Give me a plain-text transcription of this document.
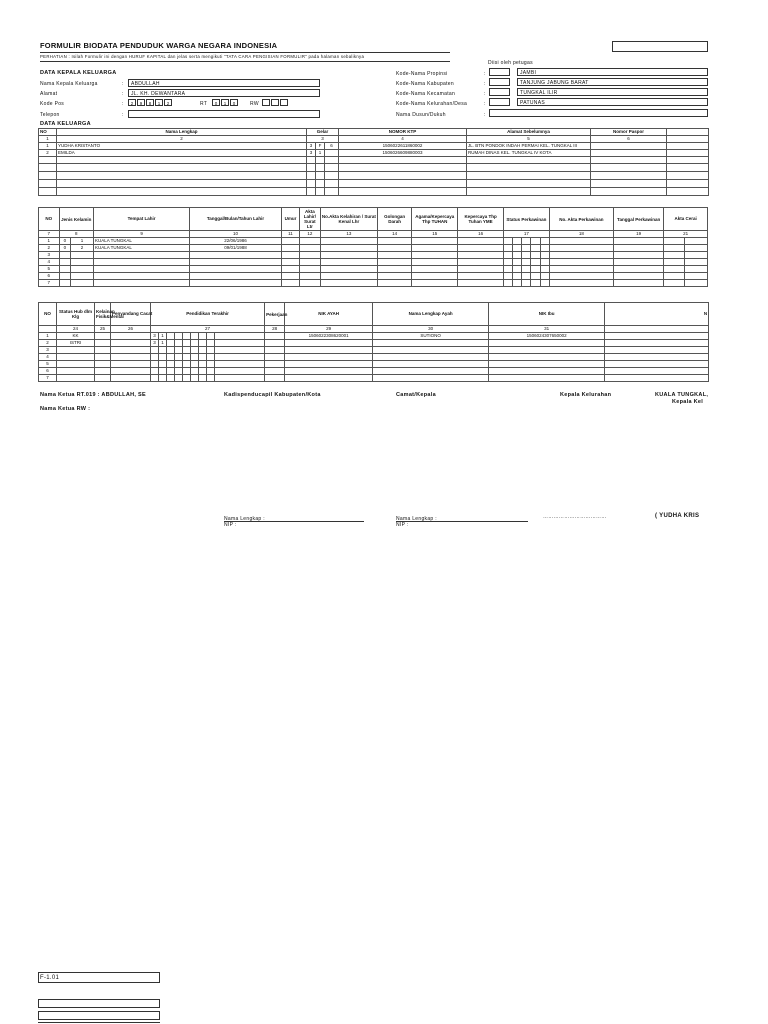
FORMULIR BIODATA PENDUDUK WARGA NEGARA INDONESIA
PERHATIAN : Isilah Formulir ini dengan HURUF KAPITAL dan jelas serta mengikuti "TATA CARA PENGISIAN FORMULIR" pada halaman sebaliknya
Diisi oleh petugas
DATA KEPALA KELUARGA
Nama Kepala Keluarga	: ABDULLAH
Alamat	: JL. KH. DEWANTARA
Kode Pos	:	2 9 8 1 2	RT	0 1 0	RW
Telepon	:
Kode-Nama Propinsi	:	JAMBI
Kode-Nama Kabupaten	:	TANJUNG JABUNG BARAT
Kode-Nama Kecamatan	:	TUNGKAL ILIR
Kode-Nama Kelurahan/Desa	:	PATUNAS
Nama Dusun/Dukuh	:
DATA KELUARGA
NO	Nama Lengkap	Gelar			NOMOR KTP	Alamat Sebelumnya	Nomor Paspor	
1	2	3			4	5	6	
1	YUDHA KRISTANTO	3	F	6	1506022611860002	JL. BTN PONDOK INDAH PERMAI KEL. TUNGKAL III		
2	EMILDA	3	1		1506026609880003	RUMAH DINAS KEL. TUNGKAL IV KOTA		

NO	Jenis Kelamin		Tempat Lahir	Tanggal/Bulan/Tahun Lahir	Umur	Akta Lahir/ Surat Ltr	No.Akta Kelahiran / Surat Kenal Lhr	Golongan Darah	Agama/Kepercaya Thp TUHAN	Kepercaya Thp Tuhan YME	Status Perkawinan					No. Akta Perkawinan	Tanggal Perkawinan	Akta Cerai	
7	8		9	10	11	12	13	14	15	16	17					18	19	21	
1	0	1	KUALA TUNGKAL	22/06/1986															
2	0	2	KUALA TUNGKAL	09/01/1988															
3																			
4																			
5																			
6																			
7																			
NO	Status Hub dlm Klg	Kelainan Fisik&Mental	Penyandang Cacat	Pendidikan Terakhir									Pekerjaan	NIK AYAH	Nama Lengkap Ayah	NIK Ibu	N
	24	25	26	27									28	29	30	31	
1	KK			3	1									1506022308620001	SUTIONO	1506024307650002	
2	ISTRI			3	1												
3																	
4																	
5																	
6																	
7																	
Nama Ketua RT.019 : ABDULLAH, SE
Nama Ketua RW :
Kadispenducapil Kabupaten/Kota	Camat/Kepala	Kepala Kelurahan	KUALA TUNGKAL,
Kepala Kel
Nama Lengkap :
NIP :
Nama Lengkap :
NIP :
………………………………	( YUDHA KRIS
F-1.01
